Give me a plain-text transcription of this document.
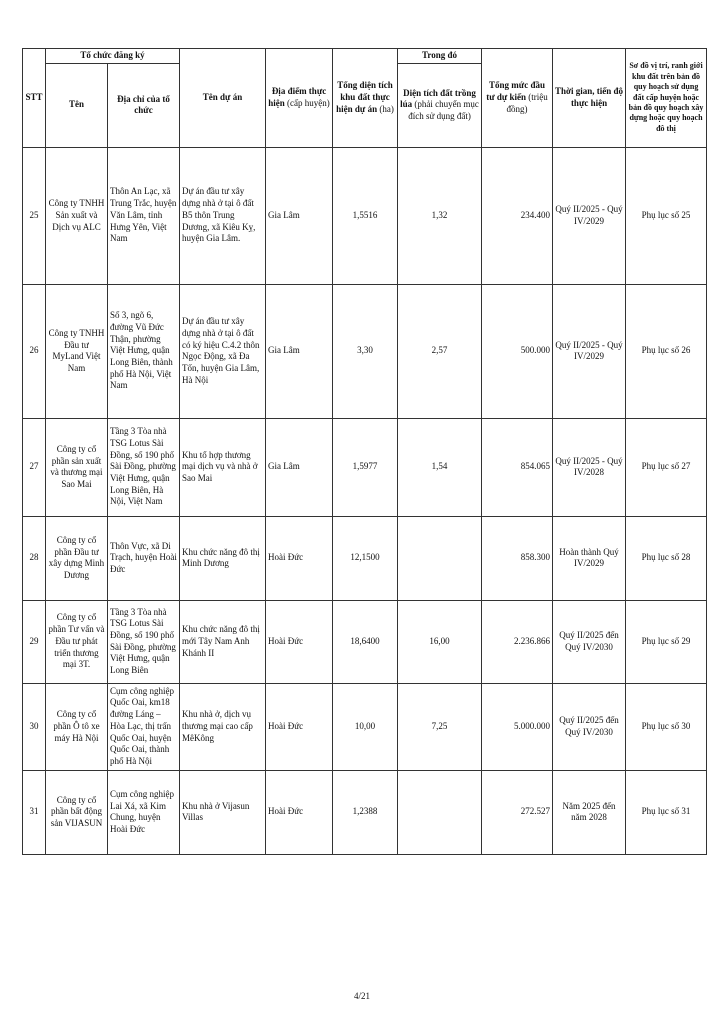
STT	Tổ chức đăng ký		Tên dự án	Địa điểm thực hiện (cấp huyện)	Tổng diện tích khu đất thực hiện dự án (ha)	Trong đó	Tổng mức đầu tư dự kiến (triệu đồng)	Thời gian, tiến độ thực hiện	Sơ đồ vị trí, ranh giới khu đất trên bản đồ quy hoạch sử dụng đất cấp huyện hoặc bản đồ quy hoạch xây dựng hoặc quy hoạch đô thị
	Tên	Địa chỉ của tổ chức				Diện tích đất trồng lúa (phải chuyển mục đích sử dụng đất)			
25	Công ty TNHH Sản xuất và Dịch vụ ALC	Thôn An Lạc, xã Trung Trắc, huyện Văn Lâm, tỉnh Hưng Yên, Việt Nam	Dự án đầu tư xây dựng nhà ở tại ô đất B5 thôn Trung Dương, xã Kiêu Kỵ, huyện Gia Lâm.	Gia Lâm	1,5516	1,32	234.400	Quý II/2025 - Quý IV/2029	Phụ lục số 25
26	Công ty TNHH Đầu tư MyLand Việt Nam	Số 3, ngõ 6, đường Vũ Đức Thận, phường Việt Hưng, quận Long Biên, thành phố Hà Nội, Việt Nam	Dự án đầu tư xây dựng nhà ở tại ô đất có ký hiệu C.4.2 thôn Ngọc Động, xã Đa Tốn, huyện Gia Lâm, Hà Nội	Gia Lâm	3,30	2,57	500.000	Quý II/2025 - Quý IV/2029	Phụ lục số 26
27	Công ty cổ phần sản xuất và thương mại Sao Mai	Tầng 3 Tòa nhà TSG Lotus Sài Đồng, số 190 phố Sài Đồng, phường Việt Hưng, quận Long Biên, Hà Nội, Việt Nam	Khu tổ hợp thương mại dịch vụ và nhà ở Sao Mai	Gia Lâm	1,5977	1,54	854.065	Quý II/2025 - Quý IV/2028	Phụ lục số 27
28	Công ty cổ phần Đầu tư xây dựng Minh Dương	Thôn Vực, xã Di Trạch, huyện Hoài Đức	Khu chức năng đô thị Minh Dương	Hoài Đức	12,1500		858.300	Hoàn thành Quý IV/2029	Phụ lục số 28
29	Công ty cổ phần Tư vấn và Đầu tư phát triển thương mại 3T.	Tầng 3 Tòa nhà TSG Lotus Sài Đồng, số 190 phố Sài Đồng, phường Việt Hưng, quận Long Biên	Khu chức năng đô thị mới Tây Nam Anh Khánh II	Hoài Đức	18,6400	16,00	2.236.866	Quý II/2025 đến Quý IV/2030	Phụ lục số 29
30	Công ty cổ phần Ô tô xe máy Hà Nội	Cụm công nghiệp Quốc Oai, km18 đường Láng – Hòa Lạc, thị trấn Quốc Oai, huyện Quốc Oai, thành phố Hà Nội	Khu nhà ở, dịch vụ thương mại cao cấp MêKông	Hoài Đức	10,00	7,25	5.000.000	Quý II/2025 đến Quý IV/2030	Phụ lục số 30
31	Công ty cổ phần bất động sản VIJASUN	Cụm công nghiệp Lai Xá, xã Kim Chung, huyện Hoài Đức	Khu nhà ở Vijasun Villas	Hoài Đức	1,2388		272.527	Năm 2025 đến năm 2028	Phụ lục số 31
4/21
